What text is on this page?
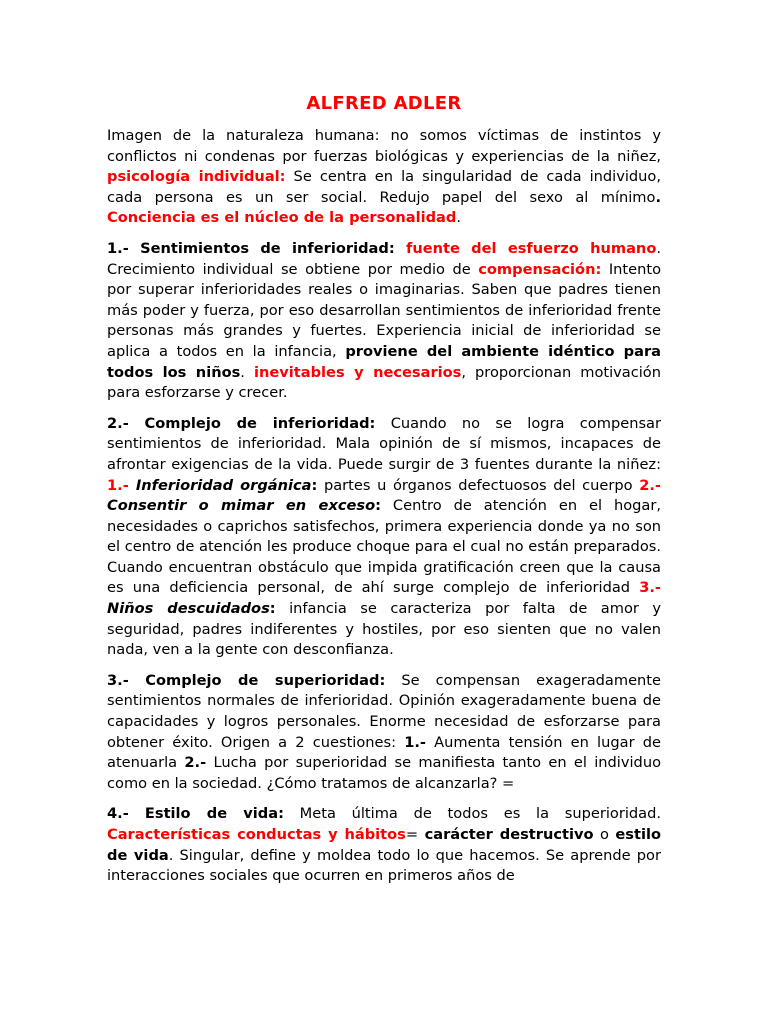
ALFRED ADLER

Imagen de la naturaleza humana: no somos víctimas de instintos y conflictos ni condenas por fuerzas biológicas y experiencias de la niñez, psicología individual: Se centra en la singularidad de cada individuo, cada persona es un ser social. Redujo papel del sexo al mínimo. Conciencia es el núcleo de la personalidad.

1.- Sentimientos de inferioridad: fuente del esfuerzo humano. Crecimiento individual se obtiene por medio de compensación: Intento por superar inferioridades reales o imaginarias. Saben que padres tienen más poder y fuerza, por eso desarrollan sentimientos de inferioridad frente personas más grandes y fuertes. Experiencia inicial de inferioridad se aplica a todos en la infancia, proviene del ambiente idéntico para todos los niños. inevitables y necesarios, proporcionan motivación para esforzarse y crecer.

2.- Complejo de inferioridad: Cuando no se logra compensar sentimientos de inferioridad. Mala opinión de sí mismos, incapaces de afrontar exigencias de la vida. Puede surgir de 3 fuentes durante la niñez: 1.- Inferioridad orgánica: partes u órganos defectuosos del cuerpo 2.- Consentir o mimar en exceso: Centro de atención en el hogar, necesidades o caprichos satisfechos, primera experiencia donde ya no son el centro de atención les produce choque para el cual no están preparados. Cuando encuentran obstáculo que impida gratificación creen que la causa es una deficiencia personal, de ahí surge complejo de inferioridad 3.- Niños descuidados: infancia se caracteriza por falta de amor y seguridad, padres indiferentes y hostiles, por eso sienten que no valen nada, ven a la gente con desconfianza.

3.- Complejo de superioridad: Se compensan exageradamente sentimientos normales de inferioridad. Opinión exageradamente buena de capacidades y logros personales. Enorme necesidad de esforzarse para obtener éxito. Origen a 2 cuestiones: 1.- Aumenta tensión en lugar de atenuarla 2.- Lucha por superioridad se manifiesta tanto en el individuo como en la sociedad. ¿Cómo tratamos de alcanzarla? =

4.- Estilo de vida: Meta última de todos es la superioridad. Características conductas y hábitos= carácter destructivo o estilo de vida. Singular, define y moldea todo lo que hacemos. Se aprende por interacciones sociales que ocurren en primeros años de
